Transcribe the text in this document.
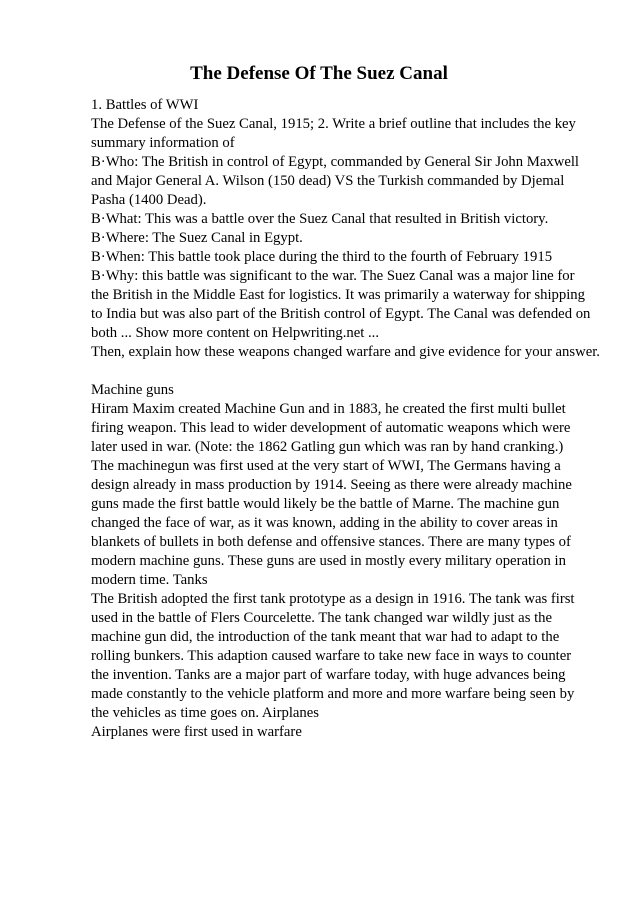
The Defense Of The Suez Canal
1. Battles of WWI
The Defense of the Suez Canal, 1915; 2. Write a brief outline that includes the key
summary information of
B·Who: The British in control of Egypt, commanded by General Sir John Maxwell
and Major General A. Wilson (150 dead) VS the Turkish commanded by Djemal
Pasha (1400 Dead).
B·What: This was a battle over the Suez Canal that resulted in British victory.
B·Where: The Suez Canal in Egypt.
B·When: This battle took place during the third to the fourth of February 1915
B·Why: this battle was significant to the war. The Suez Canal was a major line for
the British in the Middle East for logistics. It was primarily a waterway for shipping
to India but was also part of the British control of Egypt. The Canal was defended on
both ... Show more content on Helpwriting.net ...
Then, explain how these weapons changed warfare and give evidence for your answer.
Machine guns
Hiram Maxim created Machine Gun and in 1883, he created the first multi bullet
firing weapon. This lead to wider development of automatic weapons which were
later used in war. (Note: the 1862 Gatling gun which was ran by hand cranking.)
The machinegun was first used at the very start of WWI, The Germans having a
design already in mass production by 1914. Seeing as there were already machine
guns made the first battle would likely be the battle of Marne. The machine gun
changed the face of war, as it was known, adding in the ability to cover areas in
blankets of bullets in both defense and offensive stances. There are many types of
modern machine guns. These guns are used in mostly every military operation in
modern time. Tanks
The British adopted the first tank prototype as a design in 1916. The tank was first
used in the battle of Flers Courcelette. The tank changed war wildly just as the
machine gun did, the introduction of the tank meant that war had to adapt to the
rolling bunkers. This adaption caused warfare to take new face in ways to counter
the invention. Tanks are a major part of warfare today, with huge advances being
made constantly to the vehicle platform and more and more warfare being seen by
the vehicles as time goes on. Airplanes
Airplanes were first used in warfare
